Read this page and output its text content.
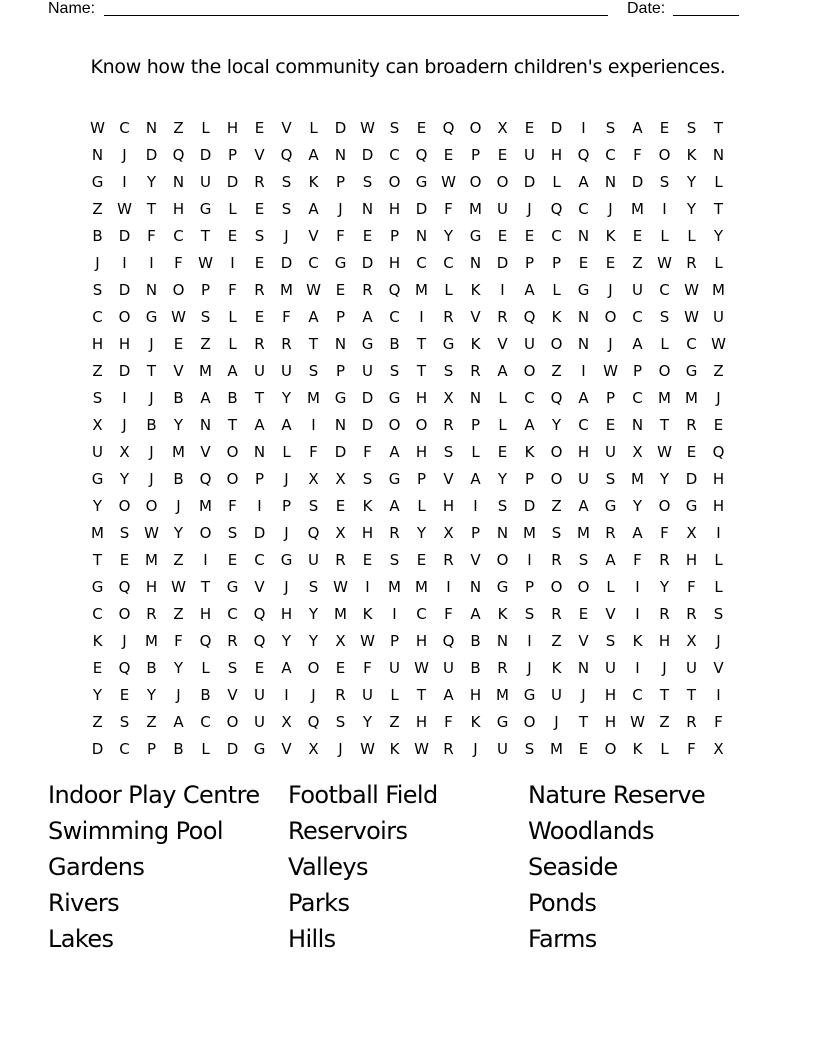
Name:	Date:
Know how the local community can broadern children's experiences.
W C	N	Z	L	H	E	V	L	D W S	E	Q	O	X	E	D	I	S	A	E	S	T
N	J	D	Q	D	P	V	Q	A	N	D	C	Q	E	P	E	U	H	Q	C	F	O	K	N
G	I	Y	N	U	D	R	S	K	P	S	O	G W O	O	D	L	A	N	D	S	Y	L
Z W T	H	G	L	E	S	A	J	N	H	D	F	M	U	J	Q	C	J	M	I	Y	T
B	D	F	C	T	E	S	J	V	F	E	P	N	Y	G	E	E	C	N	K	E	L	L	Y
J	I	I	F	W	I	E	D	C	G	D	H	C	C	N	D	P	P	E	E	Z W R	L
S	D	N	O	P	F	R	M W E	R	Q M	L	K	I	A	L	G	J	U	C W M
C	O	G W S	L	E	F	A	P	A	C	I	R	V	R	Q	K	N	O	C	S W U
H	H	J	E	Z	L	R	R	T	N	G	B	T	G	K	V	U	O	N	J	A	L	C W
Z	D	T	V	M	A	U	U	S	P	U	S	T	S	R	A	O	Z	I	W	P	O	G	Z
S	I	J	B	A	B	T	Y	M G	D	G	H	X	N	L	C	Q	A	P	C	M M	J
X	J	B	Y	N	T	A	A	I	N	D	O	O	R	P	L	A	Y	C	E	N	T	R	E
U	X	J	M	V	O	N	L	F	D	F	A	H	S	L	E	K	O	H	U	X W E	Q
G	Y	J	B	Q	O	P	J	X	X	S	G	P	V	A	Y	P	O	U	S	M	Y	D	H
Y	O	O	J	M	F	I	P	S	E	K	A	L	H	I	S	D	Z	A	G	Y	O	G	H
M	S W Y	O	S	D	J	Q	X	H	R	Y	X	P	N M	S	M	R	A	F	X	I
T	E	M	Z	I	E	C	G	U	R	E	S	E	R	V	O	I	R	S	A	F	R	H	L
G	Q	H W T	G	V	J	S W	I	M M	I	N	G	P	O	O	L	I	Y	F	L
C	O	R	Z	H	C	Q	H	Y	M	K	I	C	F	A	K	S	R	E	V	I	R	R	S
K	J	M	F	Q	R	Q	Y	Y	X W	P	H	Q	B	N	I	Z	V	S	K	H	X	J
E	Q	B	Y	L	S	E	A	O	E	F	U W U	B	R	J	K	N	U	I	J	U	V
Y	E	Y	J	B	V	U	I	J	R	U	L	T	A	H M G	U	J	H	C	T	T	I
Z	S	Z	A	C	O	U	X	Q	S	Y	Z	H	F	K	G	O	J	T	H W Z	R	F
D	C	P	B	L	D	G	V	X	J	W K W R	J	U	S	M	E	O	K	L	F	X
Indoor Play Centre	Football Field	Nature Reserve
Swimming Pool	Reservoirs	Woodlands
Gardens	Valleys	Seaside
Rivers	Parks	Ponds
Lakes	Hills	Farms
